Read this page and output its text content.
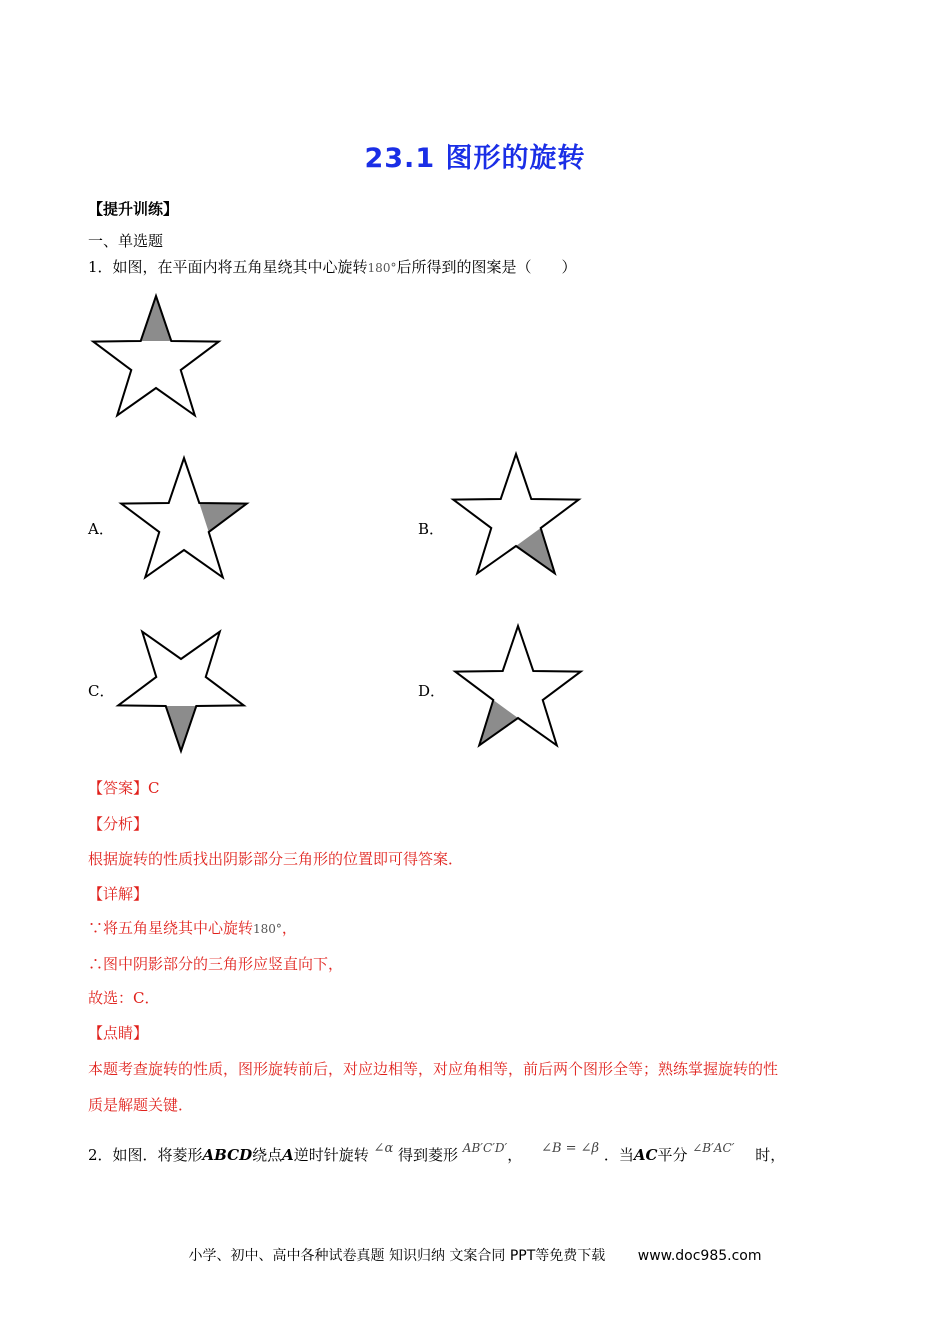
23.1 图形的旋转
【提升训练】
一、单选题
1．如图，在平面内将五角星绕其中心旋转180°后所得到的图案是（　　）
A．	B．
C．	D．
【答案】C
【分析】
根据旋转的性质找出阴影部分三角形的位置即可得答案．
【详解】
∵将五角星绕其中心旋转180°，
∴图中阴影部分的三角形应竖直向下，
故选：C．
【点睛】
本题考查旋转的性质，图形旋转前后，对应边相等，对应角相等，前后两个图形全等；熟练掌握旋转的性
质是解题关键．
2．如图．将菱形ABCD绕点A逆时针旋转 ∠α 得到菱形 $^{AB'C'D'}$， ∠B = ∠β ．当AC平分 $^{\angle B'AC'}$ 时，
小学、初中、高中各种试卷真题 知识归纳 文案合同 PPT等免费下载 www.doc985.com
